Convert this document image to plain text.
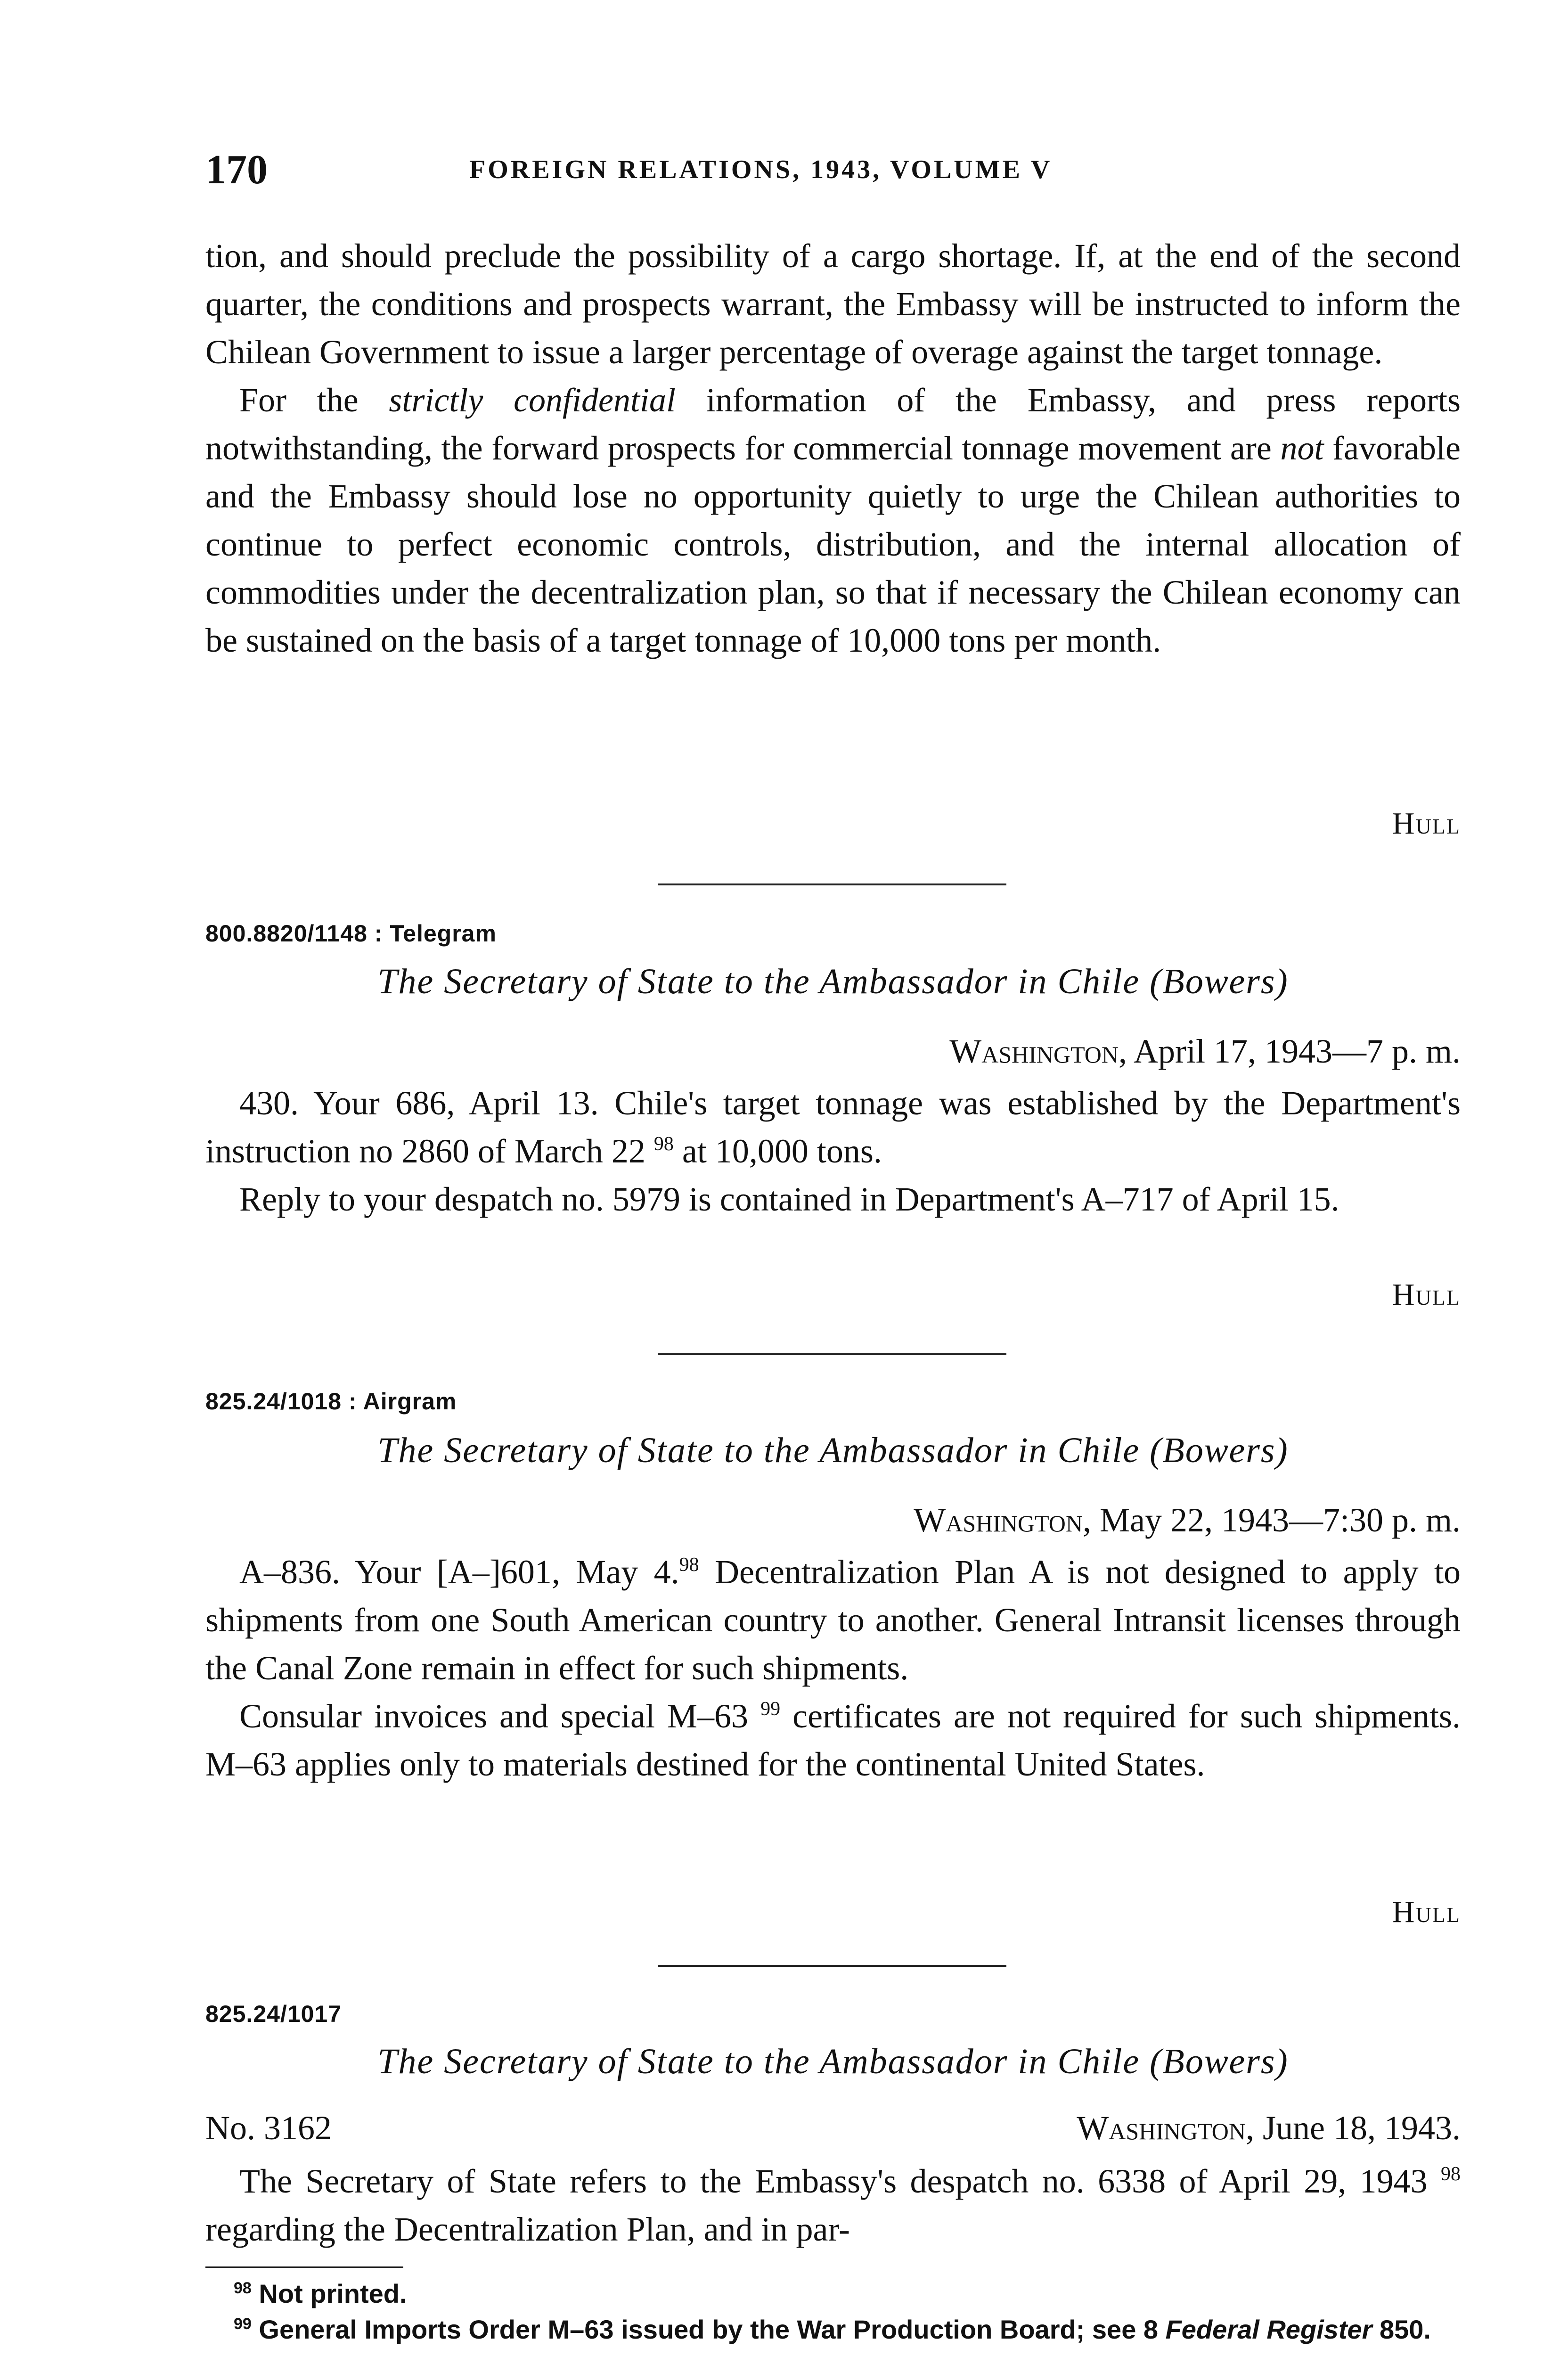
170	FOREIGN RELATIONS, 1943, VOLUME V

tion, and should preclude the possibility of a cargo shortage. If, at the end of the second quarter, the conditions and prospects warrant, the Embassy will be instructed to inform the Chilean Government to issue a larger percentage of overage against the target tonnage.

For the strictly confidential information of the Embassy, and press reports notwithstanding, the forward prospects for commercial tonnage movement are not favorable and the Embassy should lose no opportunity quietly to urge the Chilean authorities to continue to perfect economic controls, distribution, and the internal allocation of commodities under the decentralization plan, so that if necessary the Chilean economy can be sustained on the basis of a target tonnage of 10,000 tons per month.

Hull
800.8820/1148 : Telegram
The Secretary of State to the Ambassador in Chile (Bowers)
Washington, April 17, 1943—7 p. m.

430. Your 686, April 13. Chile's target tonnage was established by the Department's instruction no 2860 of March 22 $^{98}$ at 10,000 tons.

Reply to your despatch no. 5979 is contained in Department's A–717 of April 15.

Hull
825.24/1018 : Airgram
The Secretary of State to the Ambassador in Chile (Bowers)
Washington, May 22, 1943—7:30 p. m.

A–836. Your [A–]601, May 4.98 Decentralization Plan A is not designed to apply to shipments from one South American country to another. General Intransit licenses through the Canal Zone remain in effect for such shipments.

Consular invoices and special M–63 $^{99}$ certificates are not required for such shipments. M–63 applies only to materials destined for the continental United States.

Hull
825.24/1017
The Secretary of State to the Ambassador in Chile (Bowers)
No. 3162	Washington, June 18, 1943.

The Secretary of State refers to the Embassy's despatch no. 6338 of April 29, 1943 $^{98}$ regarding the Decentralization Plan, and in par-

$^{98}$ Not printed.

$^{99}$ General Imports Order M–63 issued by the War Production Board; see 8 Federal Register 850.
